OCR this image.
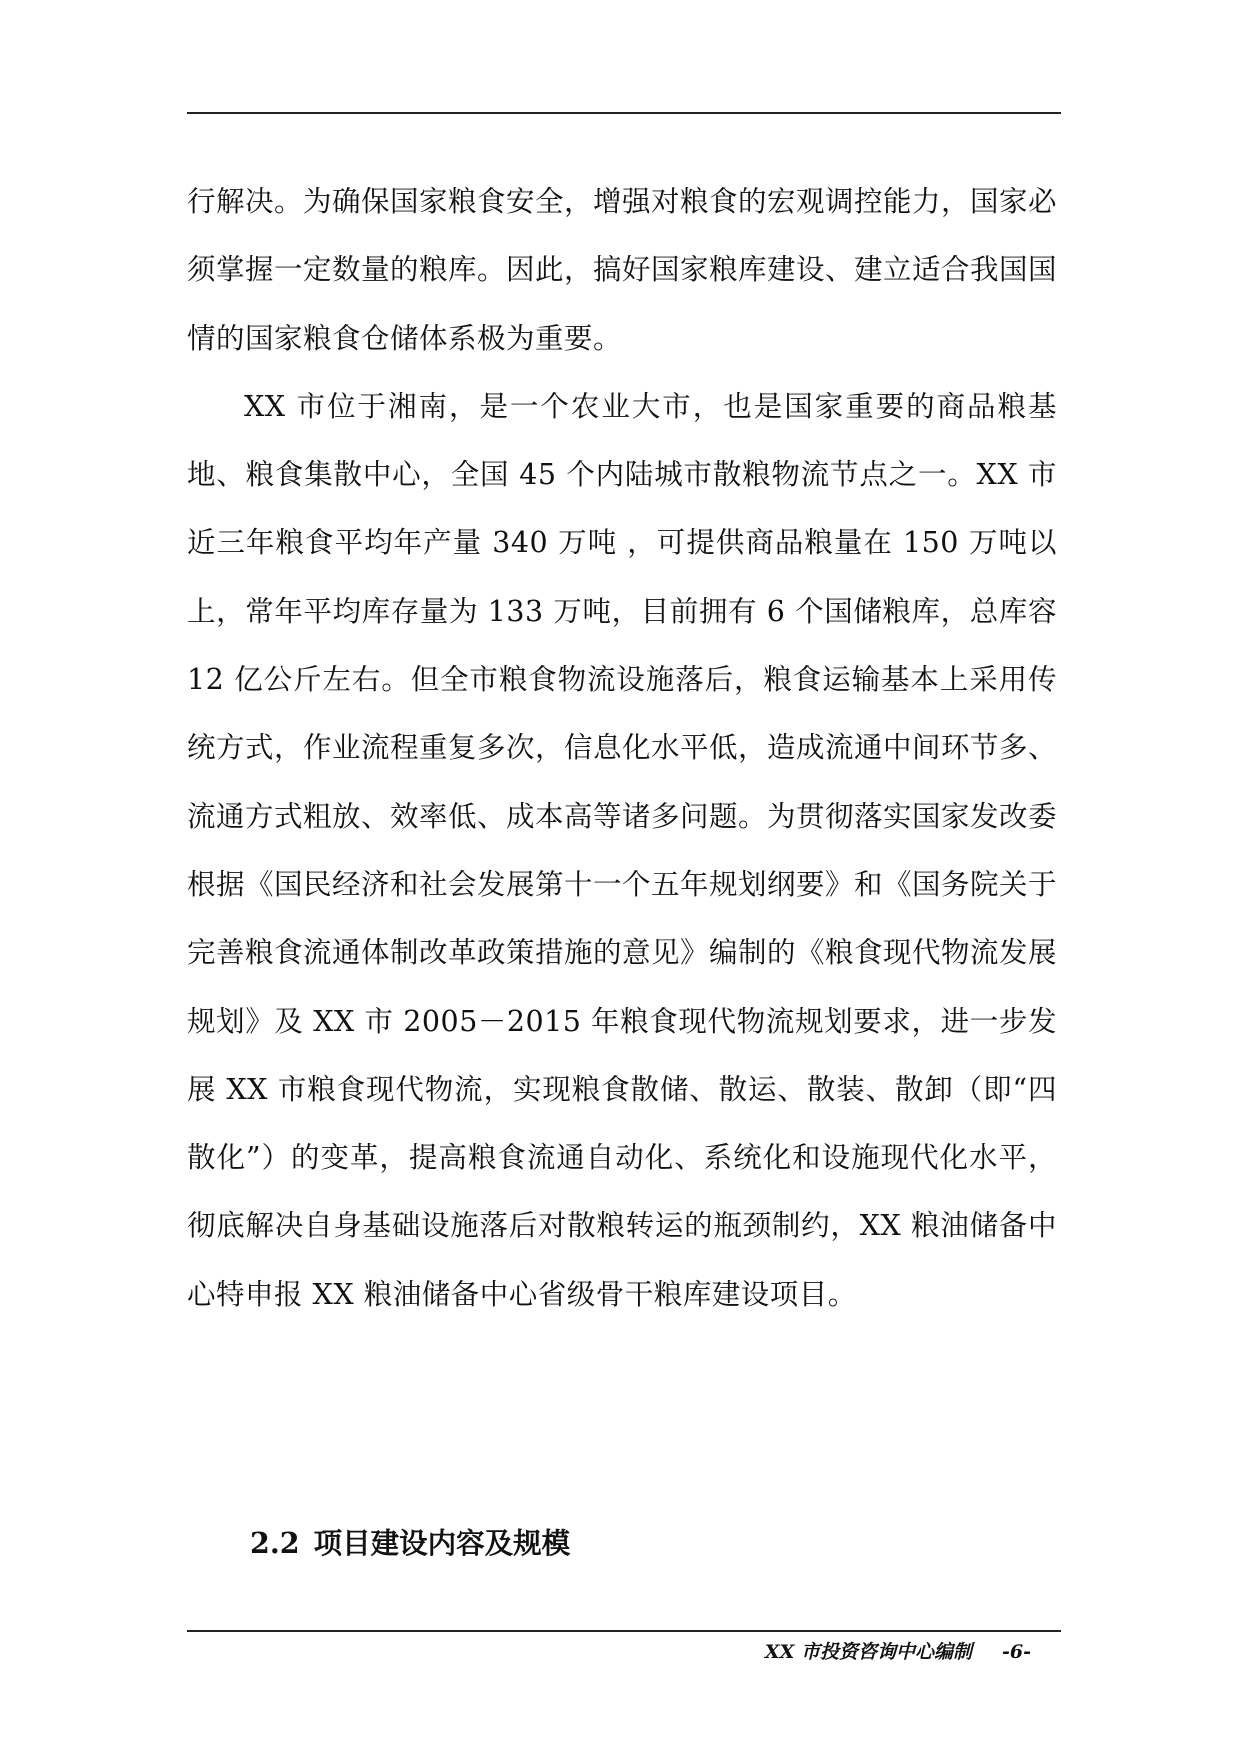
行解决。为确保国家粮食安全，增强对粮食的宏观调控能力，国家必须掌握一定数量的粮库。因此，搞好国家粮库建设、建立适合我国国情的国家粮食仓储体系极为重要。

XX 市位于湘南，是一个农业大市，也是国家重要的商品粮基地、粮食集散中心，全国 45 个内陆城市散粮物流节点之一。XX 市近三年粮食平均年产量 340 万吨 ，可提供商品粮量在 150 万吨以上，常年平均库存量为 133 万吨，目前拥有 6 个国储粮库，总库容 12 亿公斤左右。但全市粮食物流设施落后，粮食运输基本上采用传统方式，作业流程重复多次，信息化水平低，造成流通中间环节多、流通方式粗放、效率低、成本高等诸多问题。为贯彻落实国家发改委根据《国民经济和社会发展第十一个五年规划纲要》和《国务院关于完善粮食流通体制改革政策措施的意见》编制的《粮食现代物流发展规划》及 XX 市 2005－2015 年粮食现代物流规划要求，进一步发展 XX 市粮食现代物流，实现粮食散储、散运、散装、散卸（即“四散化”）的变革，提高粮食流通自动化、系统化和设施现代化水平，彻底解决自身基础设施落后对散粮转运的瓶颈制约，XX 粮油储备中心特申报 XX 粮油储备中心省级骨干粮库建设项目。

2.2 项目建设内容及规模
XX 市投资咨询中心编制 -6-
